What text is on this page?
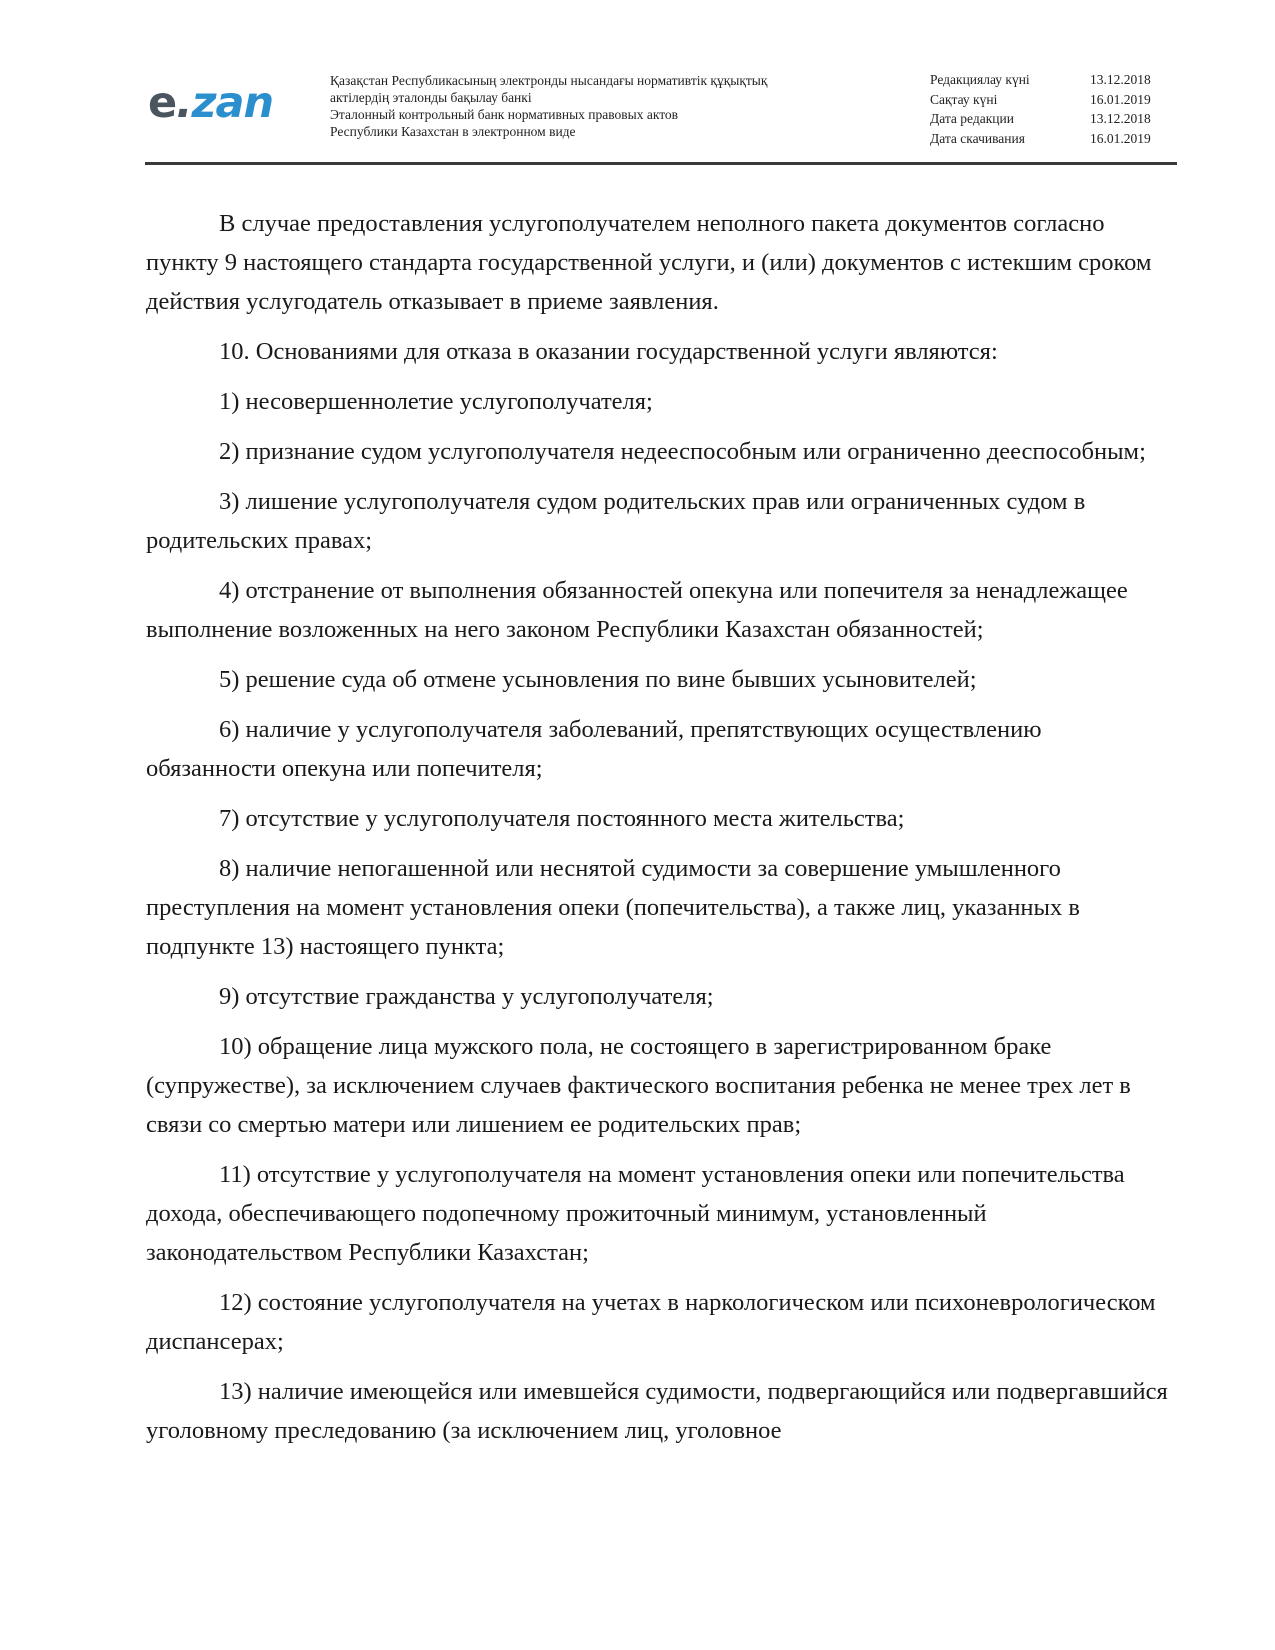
e.zan	Қазақстан Республикасының электронды нысандағы нормативтік құқықтық
актілердің эталонды бақылау банкі
Эталонный контрольный банк нормативных правовых актов
Республики Казахстан в электронном виде
Редакциялау күні	13.12.2018
Сақтау күні	16.01.2019
Дата редакции	13.12.2018
Дата скачивания	16.01.2019

В случае предоставления услугополучателем неполного пакета документов согласно пункту 9 настоящего стандарта государственной услуги, и (или) документов с истекшим сроком действия услугодатель отказывает в приеме заявления.

10. Основаниями для отказа в оказании государственной услуги являются:

1) несовершеннолетие услугополучателя;

2) признание судом услугополучателя недееспособным или ограниченно дееспособным;

3) лишение услугополучателя судом родительских прав или ограниченных судом в родительских правах;

4) отстранение от выполнения обязанностей опекуна или попечителя за ненадлежащее выполнение возложенных на него законом Республики Казахстан обязанностей;

5) решение суда об отмене усыновления по вине бывших усыновителей;

6) наличие у услугополучателя заболеваний, препятствующих осуществлению обязанности опекуна или попечителя;

7) отсутствие у услугополучателя постоянного места жительства;

8) наличие непогашенной или неснятой судимости за совершение умышленного преступления на момент установления опеки (попечительства), а также лиц, указанных в подпункте 13) настоящего пункта;

9) отсутствие гражданства у услугополучателя;

10) обращение лица мужского пола, не состоящего в зарегистрированном браке (супружестве), за исключением случаев фактического воспитания ребенка не менее трех лет в связи со смертью матери или лишением ее родительских прав;

11) отсутствие у услугополучателя на момент установления опеки или попечительства дохода, обеспечивающего подопечному прожиточный минимум, установленный законодательством Республики Казахстан;

12) состояние услугополучателя на учетах в наркологическом или психоневрологическом диспансерах;

13) наличие имеющейся или имевшейся судимости, подвергающийся или подвергавшийся уголовному преследованию (за исключением лиц, уголовное
